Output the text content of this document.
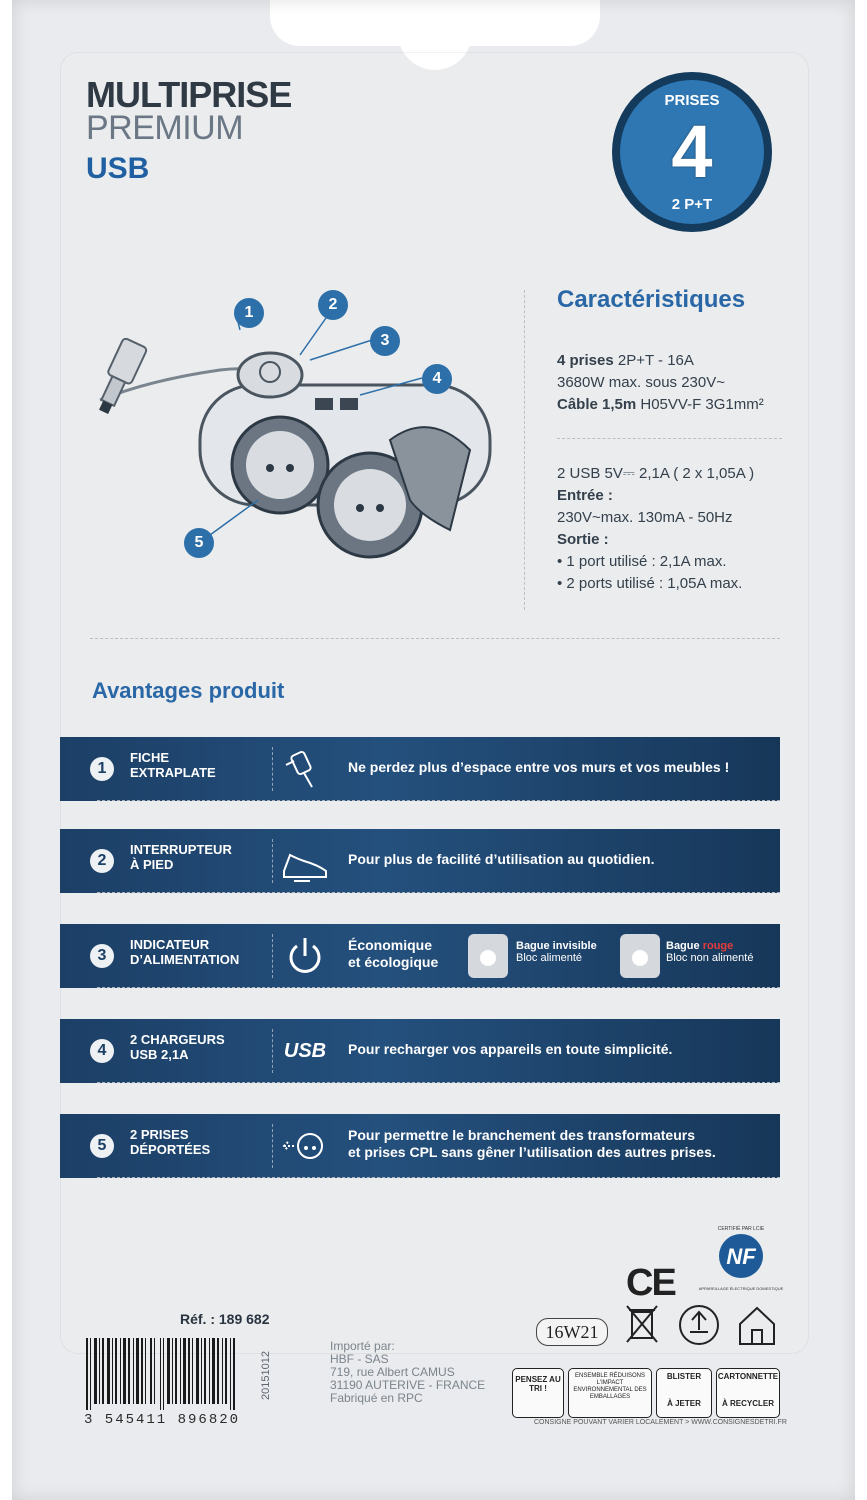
MULTIPRISE
PREMIUM
USB
PRISES
4
2 P+T
1	2
3
4
5
Caractéristiques
4 prises 2P+T - 16A
3680W max. sous 230V~
Câble 1,5m H05VV-F 3G1mm²
2 USB 5V⎓ 2,1A ( 2 x 1,05A )
Entrée :
230V~max. 130mA - 50Hz
Sortie :
• 1 port utilisé : 2,1A max.
• 2 ports utilisé : 1,05A max.
Avantages produit
1
FICHE
EXTRAPLATE	Ne perdez plus d’espace entre vos murs et vos meubles !
2
INTERRUPTEUR
À PIED	Pour plus de facilité d’utilisation au quotidien.
3
INDICATEUR
D’ALIMENTATION
Économique
et écologique
Bague invisible
Bloc alimenté
Bague rouge
Bloc non alimenté
4
2 CHARGEURS
USB 2,1A	USB Pour recharger vos appareils en toute simplicité.
5
2 PRISES
DÉPORTÉES
Pour permettre le branchement des transformateurs
et prises CPL sans gêner l’utilisation des autres prises.
CE
NF
CERTIFIÉ PAR LCIE
APPAREILLAGE ÉLECTRIQUE DOMESTIQUE
16W21
Réf. : 189 682
3 545411 896820
20151012
Importé par:
HBF - SAS
719, rue Albert CAMUS
31190 AUTERIVE - FRANCE
Fabriqué en RPC
PENSEZ AU TRI !
ENSEMBLE RÉDUISONS L'IMPACT ENVIRONNEMENTAL DES EMBALLAGES
BLISTER

À JETER
CARTONNETTE

À RECYCLER
CONSIGNE POUVANT VARIER LOCALEMENT > WWW.CONSIGNESDETRI.FR
